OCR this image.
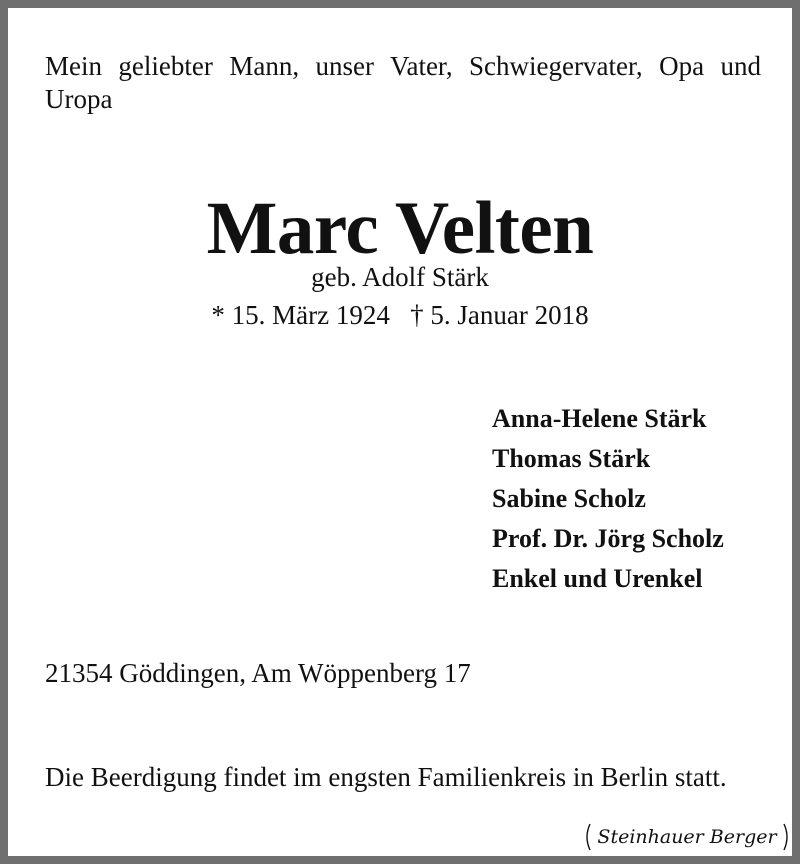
Mein geliebter Mann, unser Vater, Schwiegervater, Opa und Uropa
Marc Velten
geb. Adolf Stärk
* 15. März 1924 † 5. Januar 2018
Anna-Helene Stärk
Thomas Stärk
Sabine Scholz
Prof. Dr. Jörg Scholz
Enkel und Urenkel
21354 Göddingen, Am Wöppenberg 17
Die Beerdigung findet im engsten Familienkreis in Berlin statt.
Steinhauer Berger
